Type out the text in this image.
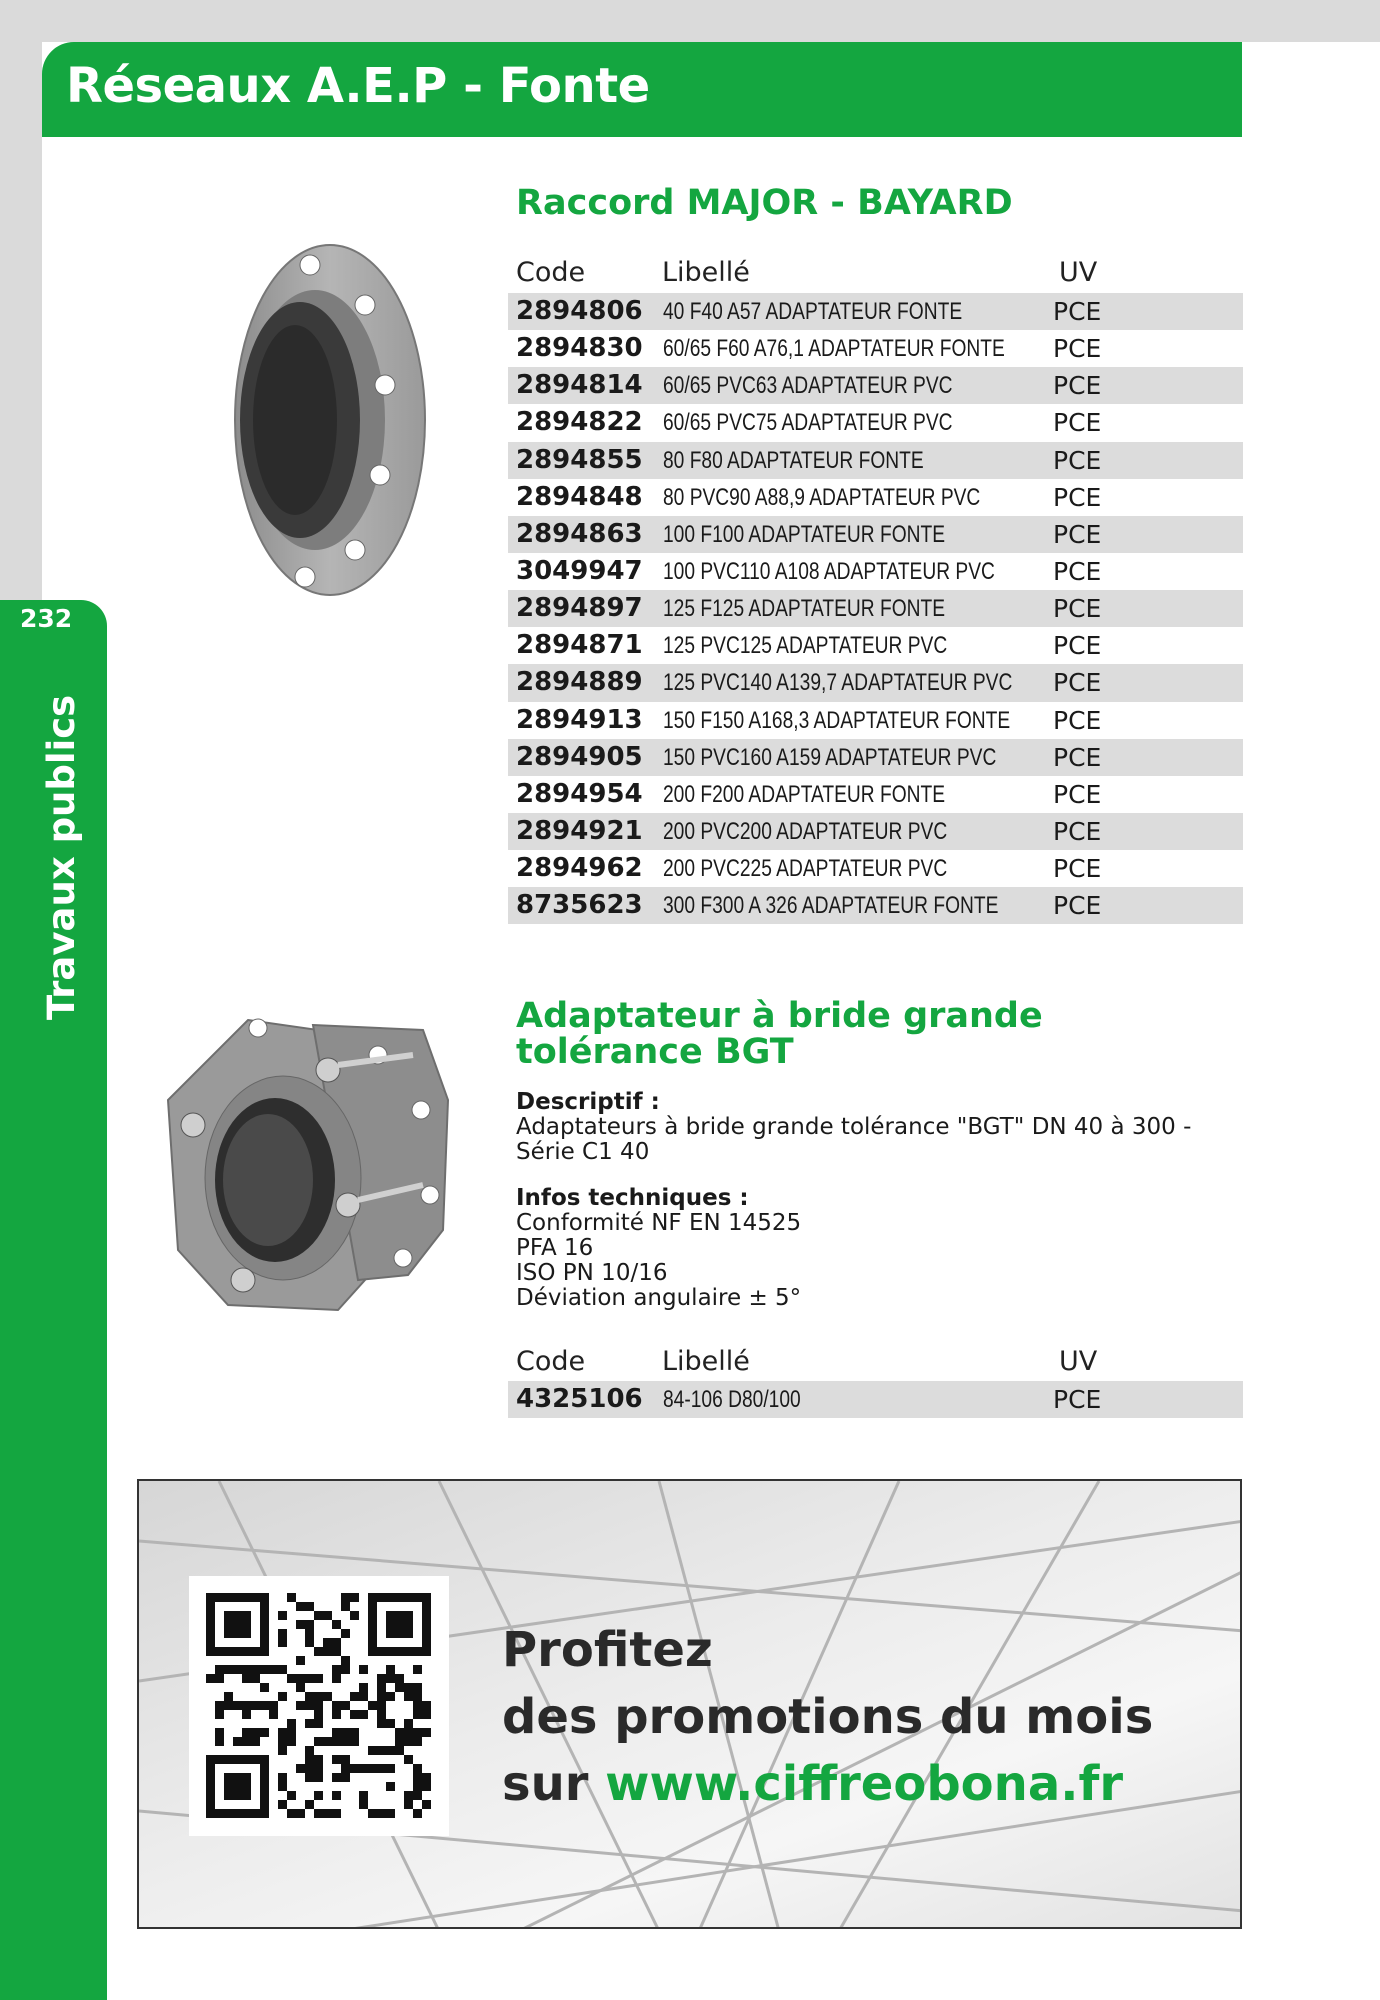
232
Travaux publics
Réseaux A.E.P - Fonte
Raccord MAJOR - BAYARD
Code	Libellé	UV
2894806 40 F40 A57 ADAPTATEUR FONTE	PCE
2894830 60/65 F60 A76,1 ADAPTATEUR FONTE PCE
2894814 60/65 PVC63 ADAPTATEUR PVC	PCE
2894822 60/65 PVC75 ADAPTATEUR PVC	PCE
2894855 80 F80 ADAPTATEUR FONTE	PCE
2894848 80 PVC90 A88,9 ADAPTATEUR PVC	PCE
2894863 100 F100 ADAPTATEUR FONTE	PCE
3049947 100 PVC110 A108 ADAPTATEUR PVC PCE
2894897 125 F125 ADAPTATEUR FONTE	PCE
2894871 125 PVC125 ADAPTATEUR PVC	PCE
2894889 125 PVC140 A139,7 ADAPTATEUR PVC PCE
2894913 150 F150 A168,3 ADAPTATEUR FONTE PCE
2894905 150 PVC160 A159 ADAPTATEUR PVC PCE
2894954 200 F200 ADAPTATEUR FONTE	PCE
2894921 200 PVC200 ADAPTATEUR PVC	PCE
2894962 200 PVC225 ADAPTATEUR PVC	PCE
8735623 300 F300 A 326 ADAPTATEUR FONTE PCE
Adaptateur à bride grande tolérance BGT
Descriptif :
Adaptateurs à bride grande tolérance "BGT" DN 40 à 300 -
Série C1 40
Infos techniques :
Conformité NF EN 14525
PFA 16
ISO PN 10/16
Déviation angulaire ± 5°
Code	Libellé	UV
4325106 84-106 D80/100	PCE
Profitez
des promotions du mois
sur www.ciffreobona.fr
